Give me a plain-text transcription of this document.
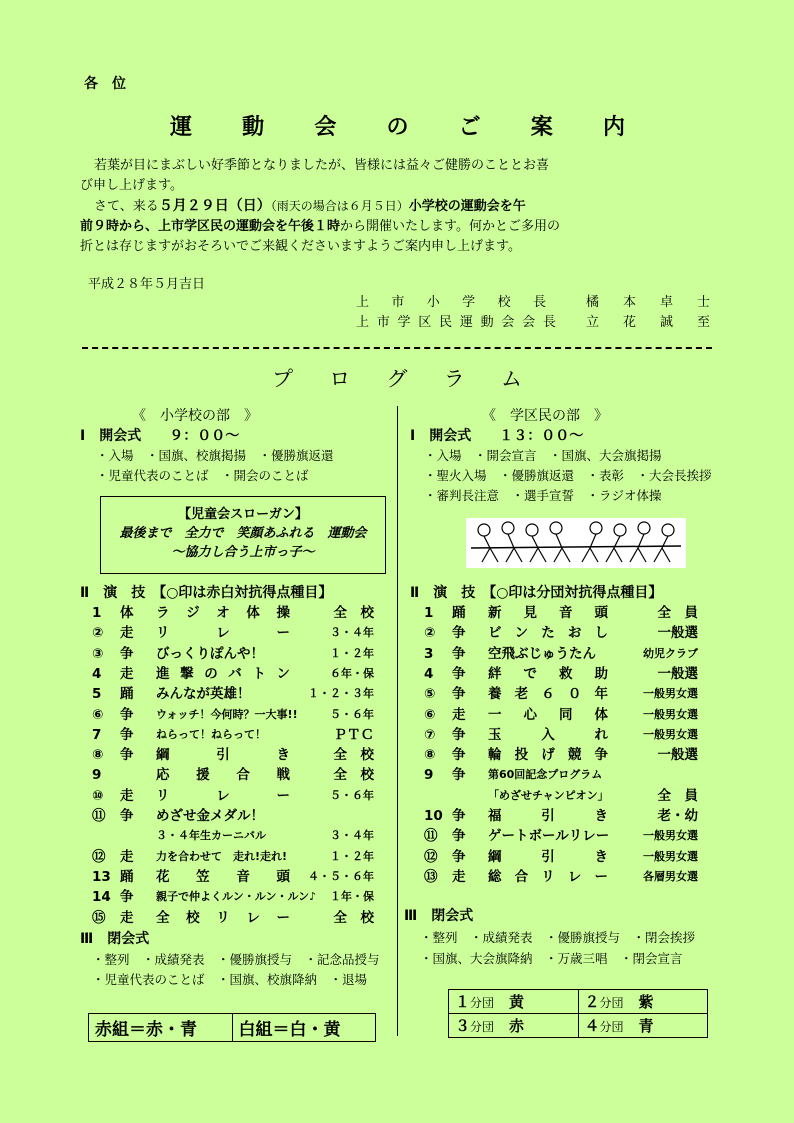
各　位
運 動 会 の ご 案 内
若葉が目にまぶしい好季節となりましたが、皆様には益々ご健勝のこととお喜
び申し上げます。
さて、来る５月２９日（日）（雨天の場合は６月５日）小学校の運動会を午
前９時から、上市学区民の運動会を午後１時から開催いたします。何かとご多用の
折とは存じますがおそろいでご来観くださいますようご案内申し上げます。
平成２８年５月吉日
上 市 小 学 校 長	橘 本 卓 士
上 市 学 区 民 運 動 会 会 長 立 花 誠 至
プ ロ グ ラ ム
《　小学校の部　》
Ⅰ　開会式　　９：００～
・入場　・国旗、校旗掲揚　・優勝旗返還
・児童代表のことば　・開会のことば
【児童会スローガン】
最後まで　全力で　笑顔あふれる　運動会
～協力し合う上市っ子～
Ⅱ　演　技　【○印は赤白対抗得点種目】
1 体 ラ ジ オ 体 操	全　校
② 走 リ	レ	ー	３・４年
③ 争 びっくりぽんや！	１・２年
4 走 進 撃 の バ ト ン	６年・保
5 踊 みんなが英雄！	１・２・３年
⑥ 争 ウォッチ！今何時？一大事!!	５・６年
7 争 ねらって！ねらって！	ＰＴＣ
⑧ 争 綱	引	き	全　校
9	応 援 合 戦	全　校
⑩ 走 リ	レ	ー	５・６年
⑪ 争 めざせ金メダル！
３・４年生カーニバル	３・４年
⑫ 走 力を合わせて　走れ!走れ!	１・２年
13 踊 花 笠 音 頭 ４・５・６年
14 争 親子で仲よくルン・ルン・ルン♪ １年・保
⑮ 走 全 校 リ レ ー	全　校
Ⅲ　閉会式
・整列　・成績発表　・優勝旗授与　・記念品授与
・児童代表のことば　・国旗、校旗降納　・退場
赤組＝赤・青	白組＝白・黄
《　学区民の部　》
Ⅰ　開会式　　１３：００～
・入場　・開会宣言　・国旗、大会旗掲揚
・聖火入場　・優勝旗返還　・表彰　・大会長挨拶
・審判長注意　・選手宣誓　・ラジオ体操
Ⅱ　演　技　【○印は分団対抗得点種目】
1 踊 新 見 音 頭	全　員
② 争 ビ ン た お し	一般選
3 争 空飛ぶじゅうたん	幼児クラブ
4 争 絆 で 救 助	一般選
⑤ 争 養 老 ６ ０ 年	一般男女選
⑥ 走 一 心 同 体	一般男女選
⑦ 争 玉	入	れ	一般男女選
⑧ 争 輪 投 げ 競 争	一般選
9 争 第60回記念プログラム
「めざせチャンピオン」	全　員
10 争 福	引	き	老・幼
⑪ 争 ゲートボールリレー	一般男女選
⑫ 争 綱	引	き	一般男女選
⑬ 走 総 合 リ レ ー	各層男女選
Ⅲ　閉会式
・整列　・成績発表　・優勝旗授与　・閉会挨拶
・国旗、大会旗降納　・万歳三唱　・閉会宣言
１分団　 黄	２分団　 紫
３分団　 赤	４分団　 青
